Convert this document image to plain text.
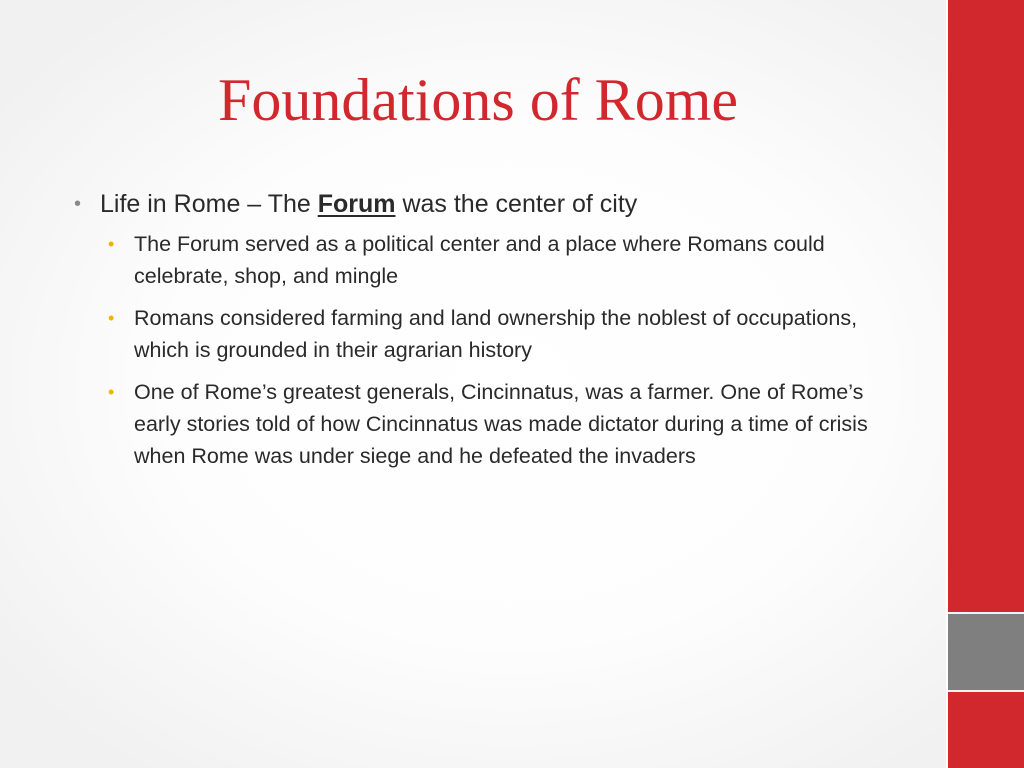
Foundations of Rome
• Life in Rome – The Forum was the center of city
• The Forum served as a political center and a place where Romans could celebrate, shop, and mingle
• Romans considered farming and land ownership the noblest of occupations, which is grounded in their agrarian history
• One of Rome’s greatest generals, Cincinnatus, was a farmer. One of Rome’s early stories told of how Cincinnatus was made dictator during a time of crisis when Rome was under siege and he defeated the invaders
